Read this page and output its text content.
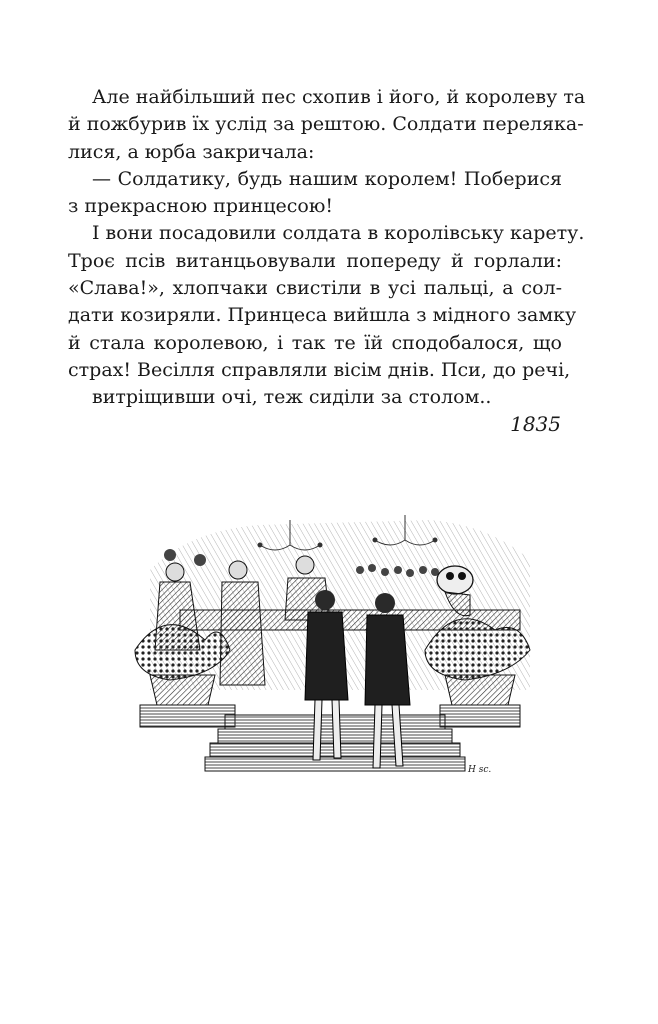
Але найбільший пес схопив і його, й королеву та
й пожбурив їх услід за рештою. Солдати переляка-
лися, а юрба закричала:
— Солдатику, будь нашим королем! Поберися
з прекрасною принцесою!
І вони посадовили солдата в королівську карету.
Троє псів витанцьовували попереду й горлали:
«Слава!», хлопчаки свистіли в усі пальці, а сол-
дати козиряли. Принцеса вийшла з мідного замку
й стала королевою, і так те їй сподобалося, що
страх! Весілля справляли вісім днів. Пси, до речі,
витріщивши очі, теж сиділи за столом..
1835
H sc.
